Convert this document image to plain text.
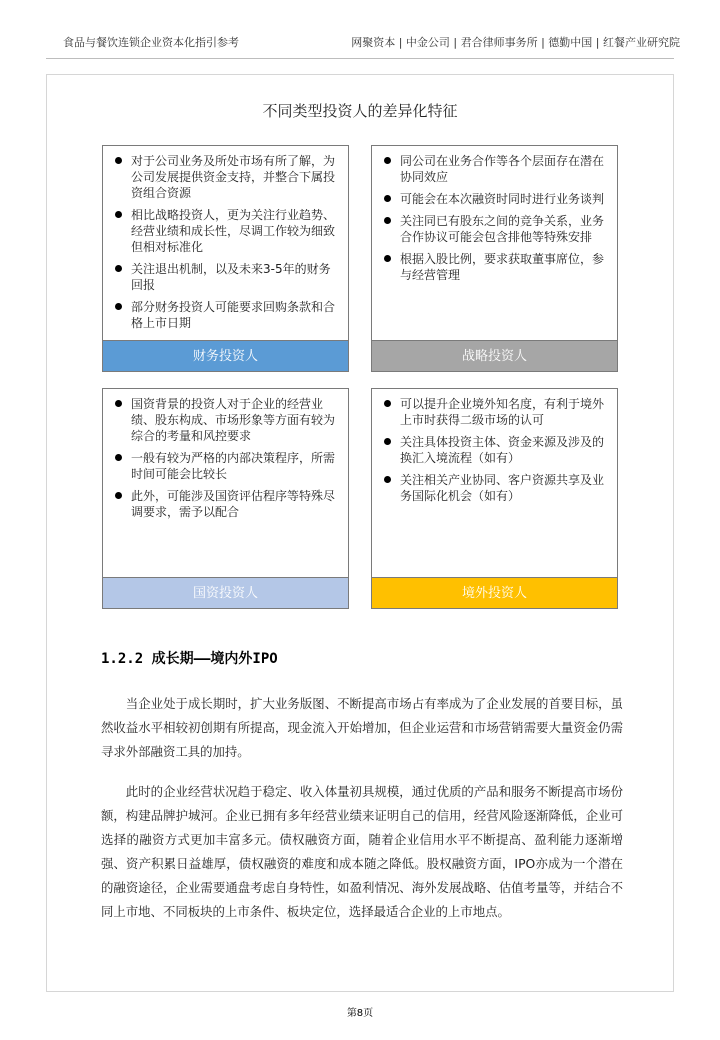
食品与餐饮连锁企业资本化指引参考	网聚资本 | 中金公司 | 君合律师事务所 | 德勤中国 | 红餐产业研究院
不同类型投资人的差异化特征
对于公司业务及所处市场有所了解，为公司发展提供资金支持，并整合下属投资组合资源
相比战略投资人，更为关注行业趋势、经营业绩和成长性，尽调工作较为细致但相对标准化
关注退出机制，以及未来3-5年的财务回报
部分财务投资人可能要求回购条款和合格上市日期
财务投资人
同公司在业务合作等各个层面存在潜在协同效应
可能会在本次融资时同时进行业务谈判
关注同已有股东之间的竞争关系，业务合作协议可能会包含排他等特殊安排
根据入股比例，要求获取董事席位，参与经营管理
战略投资人
国资背景的投资人对于企业的经营业绩、股东构成、市场形象等方面有较为综合的考量和风控要求
一般有较为严格的内部决策程序，所需时间可能会比较长
此外，可能涉及国资评估程序等特殊尽调要求，需予以配合
国资投资人
可以提升企业境外知名度，有利于境外上市时获得二级市场的认可
关注具体投资主体、资金来源及涉及的换汇入境流程（如有）
关注相关产业协同、客户资源共享及业务国际化机会（如有）
境外投资人
1.2.2 成长期——境内外IPO

当企业处于成长期时，扩大业务版图、不断提高市场占有率成为了企业发展的首要目标，虽然收益水平相较初创期有所提高，现金流入开始增加，但企业运营和市场营销需要大量资金仍需寻求外部融资工具的加持。

此时的企业经营状况趋于稳定、收入体量初具规模，通过优质的产品和服务不断提高市场份额，构建品牌护城河。企业已拥有多年经营业绩来证明自己的信用，经营风险逐渐降低，企业可选择的融资方式更加丰富多元。债权融资方面，随着企业信用水平不断提高、盈利能力逐渐增强、资产积累日益雄厚，债权融资的难度和成本随之降低。股权融资方面，IPO亦成为一个潜在的融资途径，企业需要通盘考虑自身特性，如盈利情况、海外发展战略、估值考量等，并结合不同上市地、不同板块的上市条件、板块定位，选择最适合企业的上市地点。

第8页
